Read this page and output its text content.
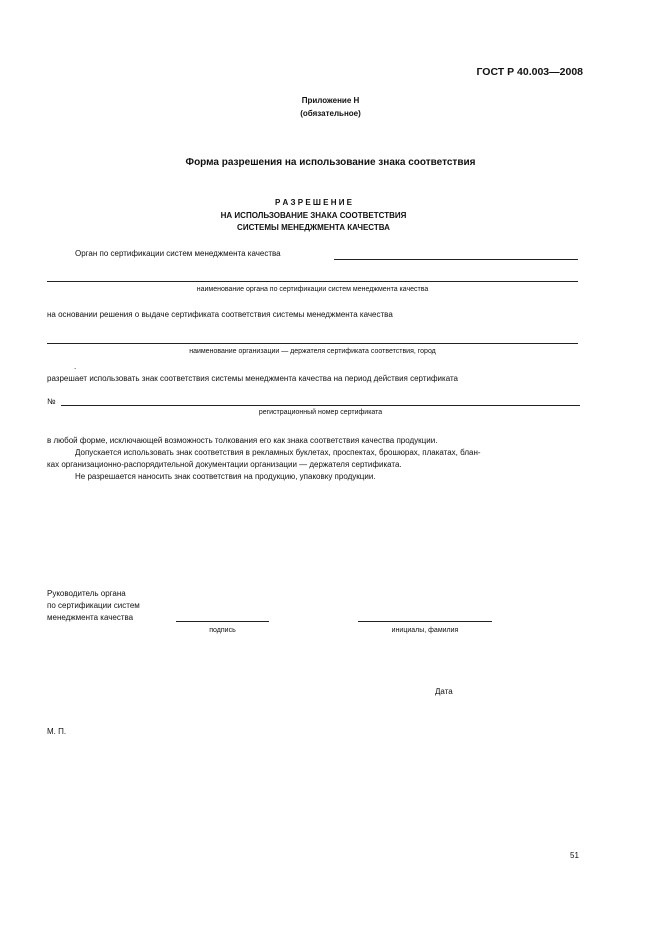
ГОСТ Р 40.003—2008
Приложение Н
(обязательное)
Форма разрешения на использование знака соответствия
Р А З Р Е Ш Е Н И Е
НА ИСПОЛЬЗОВАНИЕ ЗНАКА СООТВЕТСТВИЯ
СИСТЕМЫ МЕНЕДЖМЕНТА КАЧЕСТВА
Орган по сертификации систем менеджмента качества
наименование органа по сертификации систем менеджмента качества
на основании решения о выдаче сертификата соответствия системы менеджмента качества
наименование организации — держателя сертификата соответствия, город
.
разрешает использовать знак соответствия системы менеджмента качества на период действия сертификата
№
регистрационный номер сертификата
в любой форме, исключающей возможность толкования его как знака соответствия качества продукции.
Допускается использовать знак соответствия в рекламных буклетах, проспектах, брошюрах, плакатах, блан-
ках организационно-распорядительной документации организации — держателя сертификата.
Не разрешается наносить знак соответствия на продукцию, упаковку продукции.
Руководитель органа
по сертификации систем
менеджмента качества
подпись	инициалы, фамилия
Дата
М. П.
51
